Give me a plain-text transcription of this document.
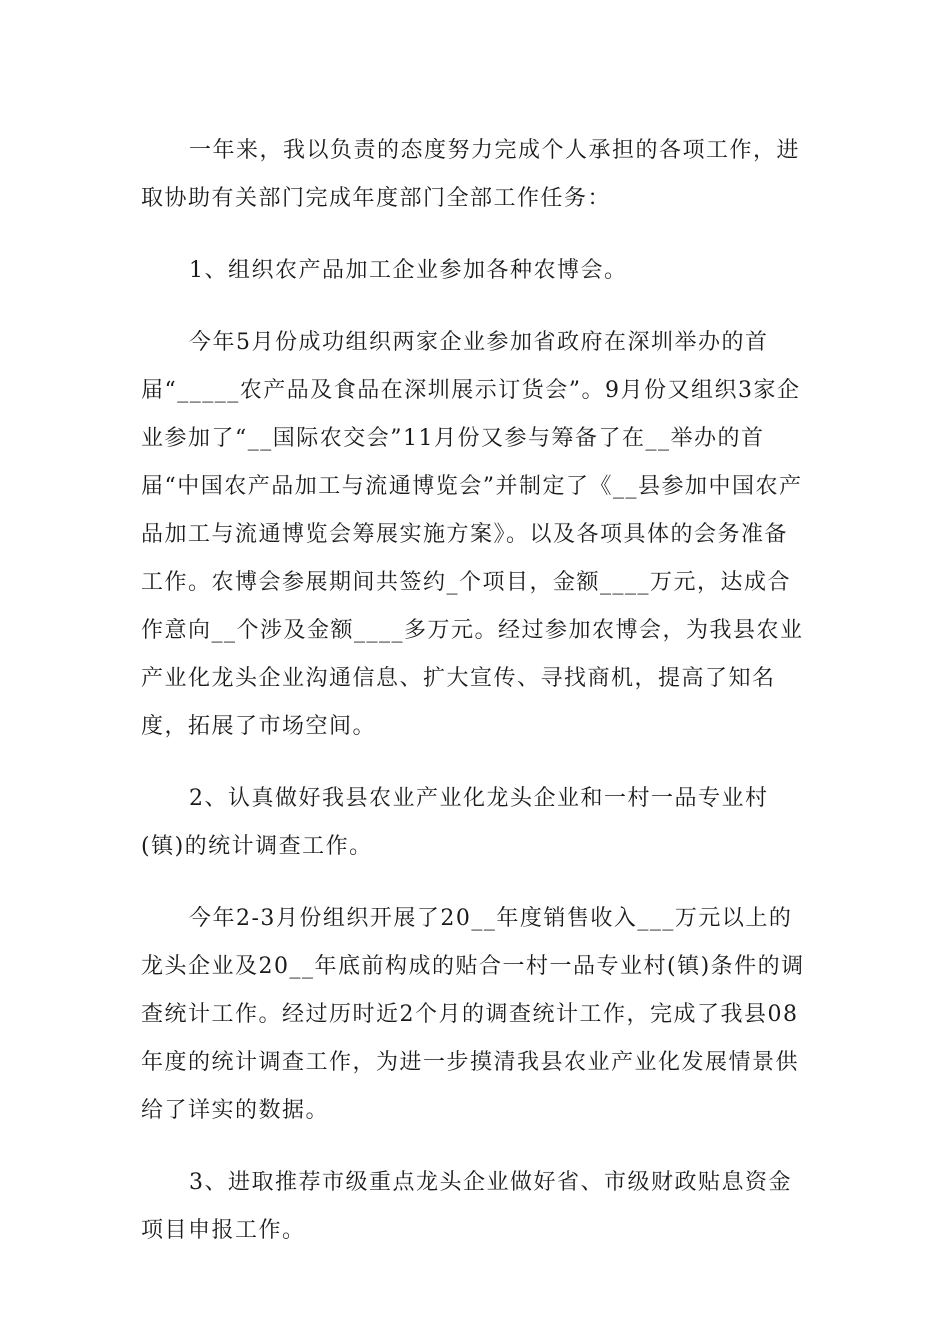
一年来，我以负责的态度努力完成个人承担的各项工作，进取协助有关部门完成年度部门全部工作任务：

1、组织农产品加工企业参加各种农博会。

今年5月份成功组织两家企业参加省政府在深圳举办的首届“_____农产品及食品在深圳展示订货会”。9月份又组织3家企业参加了“__国际农交会”11月份又参与筹备了在__举办的首届“中国农产品加工与流通博览会”并制定了《__县参加中国农产品加工与流通博览会筹展实施方案》。以及各项具体的会务准备工作。农博会参展期间共签约_个项目，金额____万元，达成合作意向__个涉及金额____多万元。经过参加农博会，为我县农业产业化龙头企业沟通信息、扩大宣传、寻找商机，提高了知名度，拓展了市场空间。

2、认真做好我县农业产业化龙头企业和一村一品专业村(镇)的统计调查工作。

今年2-3月份组织开展了20__年度销售收入___万元以上的龙头企业及20__年底前构成的贴合一村一品专业村(镇)条件的调查统计工作。经过历时近2个月的调查统计工作，完成了我县08年度的统计调查工作，为进一步摸清我县农业产业化发展情景供给了详实的数据。

3、进取推荐市级重点龙头企业做好省、市级财政贴息资金项目申报工作。
